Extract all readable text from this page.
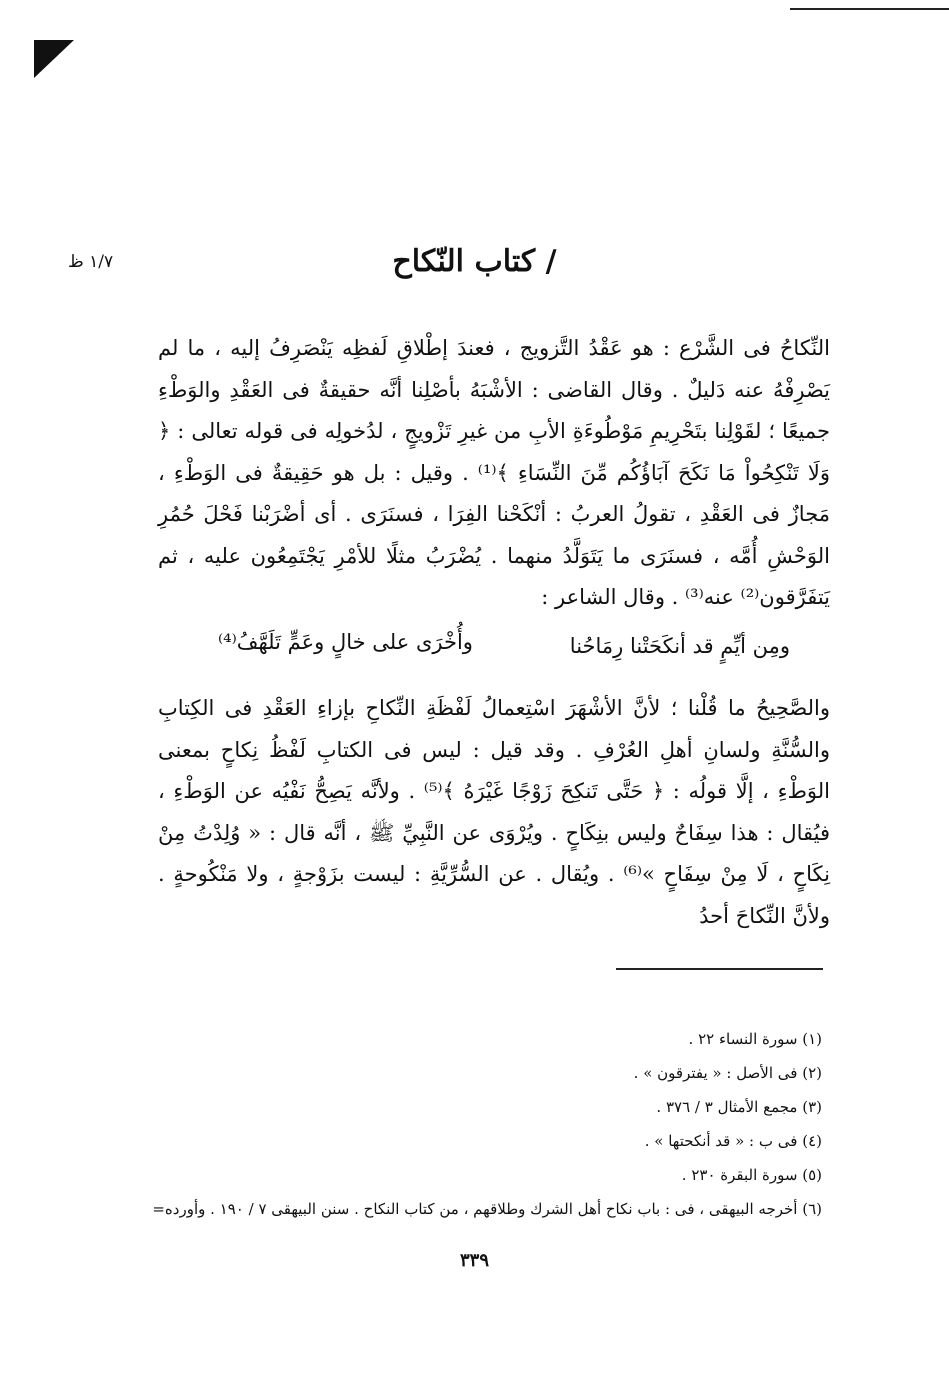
١/٧ ظ	/ كتاب النّكاح

النِّكاحُ فى الشَّرْع : هو عَقْدُ التَّزويج ، فعندَ إطْلاقِ لَفظِه يَنْصَرِفُ إليه ، ما لم يَصْرِفْهُ عنه دَليلٌ . وقال القاضى : الأشْبَهُ بأصْلِنا أنَّه حقيقةٌ فى العَقْدِ والوَطْءِ جميعًا ؛ لقَوْلِنا بتَحْرِيمِ مَوْطُوءَةِ الأبِ من غيرِ تَزْويجٍ ، لدُخولِه فى قوله تعالى : ﴿ وَلَا تَنْكِحُواْ مَا نَكَحَ آبَاؤُكُم مِّنَ النِّسَاءِ ﴾⁽¹⁾ . وقيل : بل هو حَقِيقةٌ فى الوَطْءِ ، مَجازٌ فى العَقْدِ ، تقولُ العربُ : أنْكَحْنا الفِرَا ، فسنَرَى . أى أضْرَبْنا فَحْلَ حُمُرِ الوَحْشِ أُمَّه ، فسنَرَى ما يَتَوَلَّدُ منهما . يُضْرَبُ مثلًا للأمْرِ يَجْتَمِعُون عليه ، ثم يَتفَرَّقون⁽²⁾ عنه⁽³⁾ . وقال الشاعر :

ومِن أيِّمٍ قد أنكَحَتْنا رِمَاحُنا
وأُخْرَى على خالٍ وعَمٍّ تَلَهَّفُ⁽⁴⁾

والصَّحِيحُ ما قُلْنا ؛ لأنَّ الأشْهَرَ اسْتِعمالُ لَفْظَةِ النِّكاحِ بإزاءِ العَقْدِ فى الكِتابِ والسُّنَّةِ ولسانِ أهلِ العُرْفِ . وقد قيل : ليس فى الكتابِ لَفْظُ نِكاحٍ بمعنى الوَطْءِ ، إلَّا قولُه : ﴿ حَتَّى تَنكِحَ زَوْجًا غَيْرَهُ ﴾⁽⁵⁾ . ولأنَّه يَصِحُّ نَفْيُه عن الوَطْءِ ، فيُقال : هذا سِفَاحٌ وليس بنِكَاحٍ . ويُرْوَى عن النَّبِيِّ ﷺ ، أنَّه قال : « وُلِدْتُ مِنْ نِكَاحٍ ، لَا مِنْ سِفَاحٍ »⁽⁶⁾ . ويُقال . عن السُّرِّيَّةِ : ليست بزَوْجةٍ ، ولا مَنْكُوحةٍ . ولأنَّ النِّكاحَ أحدُ

(١) سورة النساء ٢٢ .
(٢) فى الأصل : « يفترقون » .
(٣) مجمع الأمثال ٣ / ٣٧٦ .
(٤) فى ب : « قد أنكحتها » .
(٥) سورة البقرة ٢٣٠ .
(٦) أخرجه البيهقى ، فى : باب نكاح أهل الشرك وطلاقهم ، من كتاب النكاح . سنن البيهقى ٧ / ١٩٠ . وأورده=
٣٣٩
